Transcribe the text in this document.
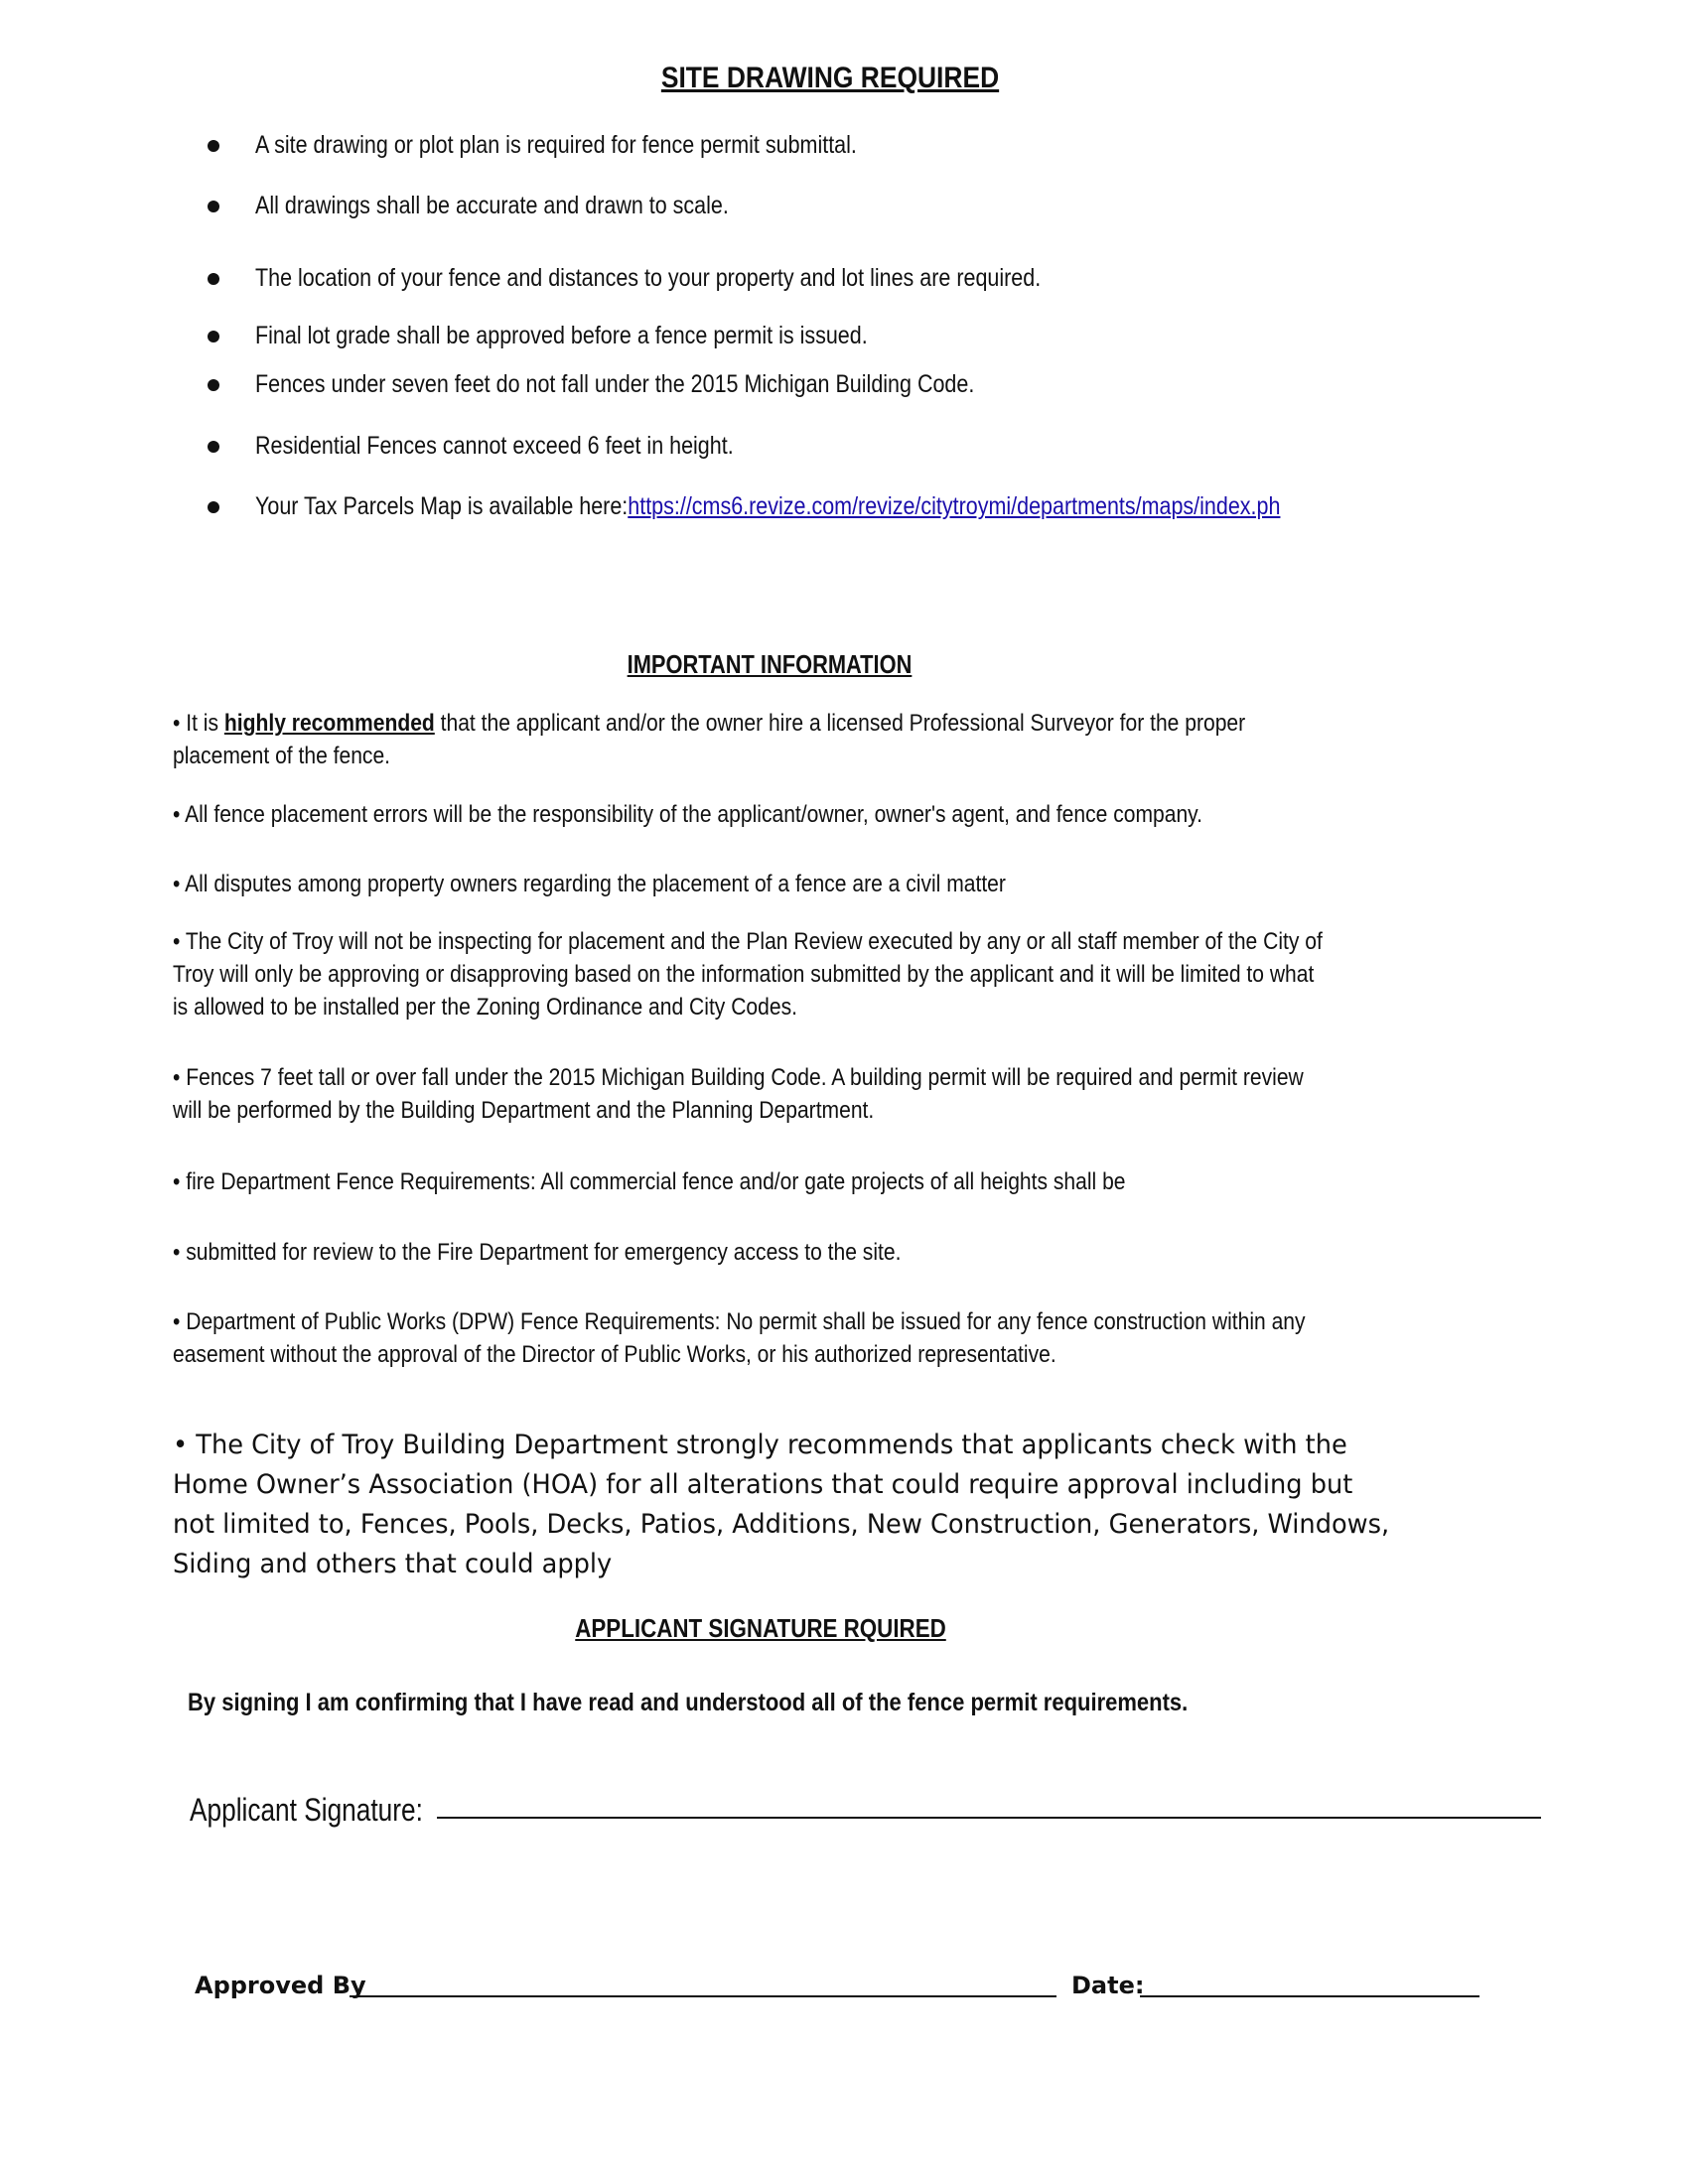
SITE DRAWING REQUIRED
A site drawing or plot plan is required for fence permit submittal.
All drawings shall be accurate and drawn to scale.
The location of your fence and distances to your property and lot lines are required.
Final lot grade shall be approved before a fence permit is issued.
Fences under seven feet do not fall under the 2015 Michigan Building Code.
Residential Fences cannot exceed 6 feet in height.
Your Tax Parcels Map is available here:https://cms6.revize.com/revize/citytroymi/departments/maps/index.ph
IMPORTANT INFORMATION
• It is highly recommended that the applicant and/or the owner hire a licensed Professional Surveyor for the proper
placement of the fence.
• All fence placement errors will be the responsibility of the applicant/owner, owner's agent, and fence company.
• All disputes among property owners regarding the placement of a fence are a civil matter
• The City of Troy will not be inspecting for placement and the Plan Review executed by any or all staff member of the City of
Troy will only be approving or disapproving based on the information submitted by the applicant and it will be limited to what
is allowed to be installed per the Zoning Ordinance and City Codes.
• Fences 7 feet tall or over fall under the 2015 Michigan Building Code. A building permit will be required and permit review
will be performed by the Building Department and the Planning Department.
• fire Department Fence Requirements: All commercial fence and/or gate projects of all heights shall be
• submitted for review to the Fire Department for emergency access to the site.
• Department of Public Works (DPW) Fence Requirements: No permit shall be issued for any fence construction within any
easement without the approval of the Director of Public Works, or his authorized representative.
• The City of Troy Building Department strongly recommends that applicants check with the Home Owner’s Association (HOA) for all alterations that could require approval including but not limited to, Fences, Pools, Decks, Patios, Additions, New Construction, Generators, Windows, Siding and others that could apply
APPLICANT SIGNATURE RQUIRED
By signing I am confirming that I have read and understood all of the fence permit requirements.
Applicant Signature:
Approved By	Date:
